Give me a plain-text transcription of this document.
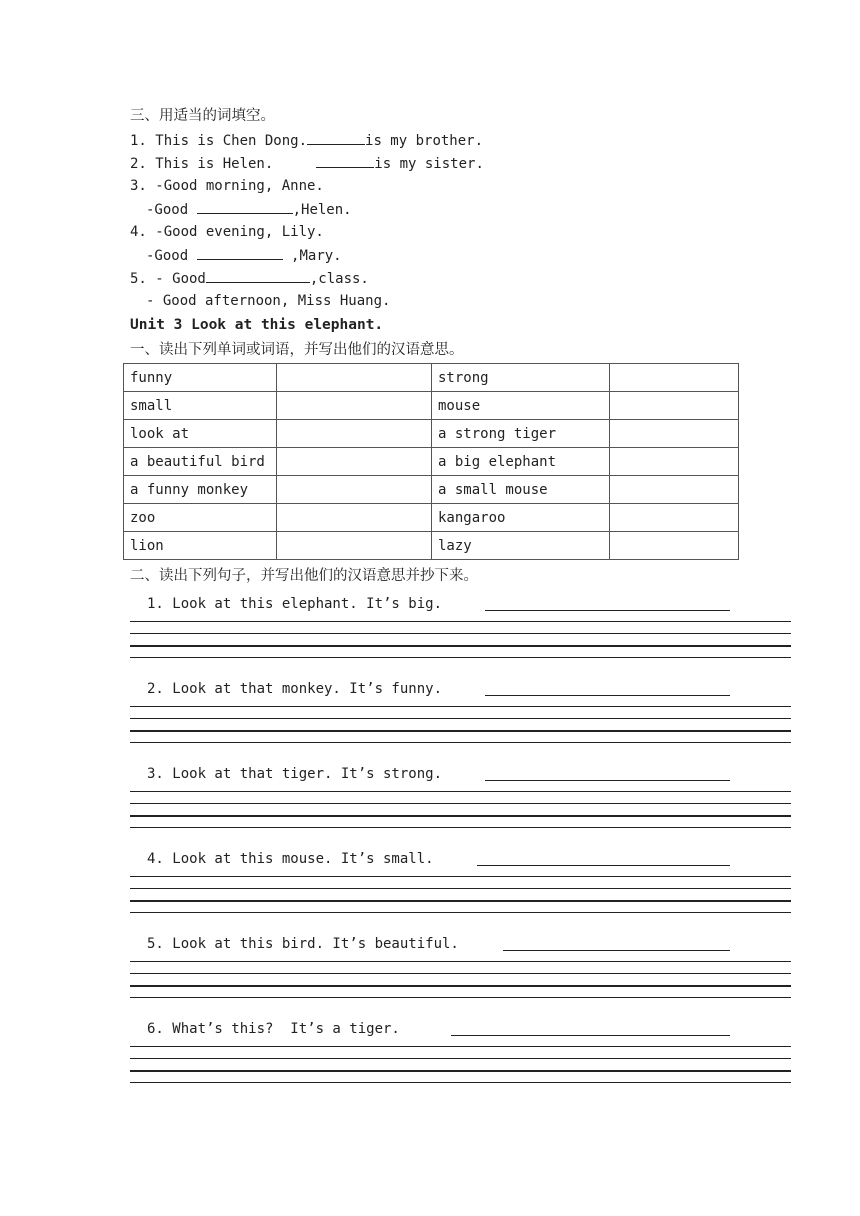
三、用适当的词填空。
1. This is Chen Dong.	is my brother.
2. This is Helen.	is my sister.
3. -Good morning, Anne.
-Good	,Helen.
4. -Good evening, Lily.
-Good	,Mary.
5. - Good	,class.
- Good afternoon, Miss Huang.
Unit 3 Look at this elephant.
一、读出下列单词或词语，并写出他们的汉语意思。
funny		strong	
small		mouse	
look at		a strong tiger	
a beautiful bird		a big elephant	
a funny monkey		a small mouse	
zoo		kangaroo	
lion		lazy	
二、读出下列句子，并写出他们的汉语意思并抄下来。
1. Look at this elephant. It’s big.
2. Look at that monkey. It’s funny.
3. Look at that tiger. It’s strong.
4. Look at this mouse. It’s small.
5. Look at this bird. It’s beautiful.
6. What’s this?  It’s a tiger.
